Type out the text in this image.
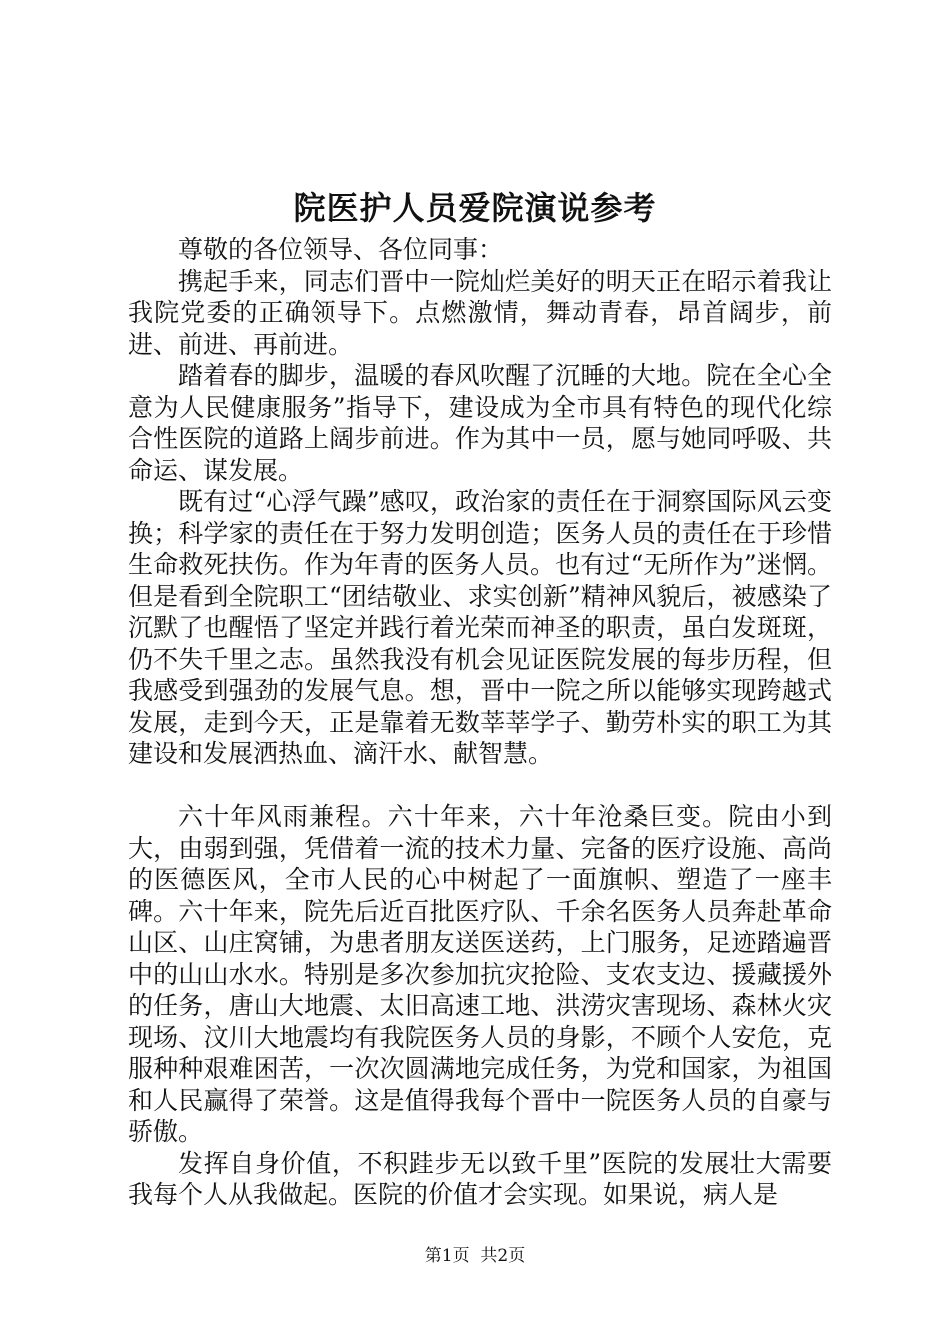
院医护人员爱院演说参考

尊敬的各位领导、各位同事：

携起手来，同志们晋中一院灿烂美好的明天正在昭示着我让我院党委的正确领导下。点燃激情，舞动青春，昂首阔步，前进、前进、再前进。

踏着春的脚步，温暖的春风吹醒了沉睡的大地。院在全心全意为人民健康服务”指导下，建设成为全市具有特色的现代化综合性医院的道路上阔步前进。作为其中一员，愿与她同呼吸、共命运、谋发展。

既有过“心浮气躁”感叹，政治家的责任在于洞察国际风云变换；科学家的责任在于努力发明创造；医务人员的责任在于珍惜生命救死扶伤。作为年青的医务人员。也有过“无所作为”迷惘。但是看到全院职工“团结敬业、求实创新”精神风貌后，被感染了沉默了也醒悟了坚定并践行着光荣而神圣的职责，虽白发斑斑，仍不失千里之志。虽然我没有机会见证医院发展的每步历程，但我感受到强劲的发展气息。想，晋中一院之所以能够实现跨越式发展，走到今天，正是靠着无数莘莘学子、勤劳朴实的职工为其建设和发展洒热血、滴汗水、献智慧。

六十年风雨兼程。六十年来，六十年沧桑巨变。院由小到大，由弱到强，凭借着一流的技术力量、完备的医疗设施、高尚的医德医风，全市人民的心中树起了一面旗帜、塑造了一座丰碑。六十年来，院先后近百批医疗队、千余名医务人员奔赴革命山区、山庄窝铺，为患者朋友送医送药，上门服务，足迹踏遍晋中的山山水水。特别是多次参加抗灾抢险、支农支边、援藏援外的任务，唐山大地震、太旧高速工地、洪涝灾害现场、森林火灾现场、汶川大地震均有我院医务人员的身影，不顾个人安危，克服种种艰难困苦，一次次圆满地完成任务，为党和国家，为祖国和人民赢得了荣誉。这是值得我每个晋中一院医务人员的自豪与骄傲。

发挥自身价值，不积跬步无以致千里”医院的发展壮大需要我每个人从我做起。医院的价值才会实现。如果说，病人是

第1页  共2页
